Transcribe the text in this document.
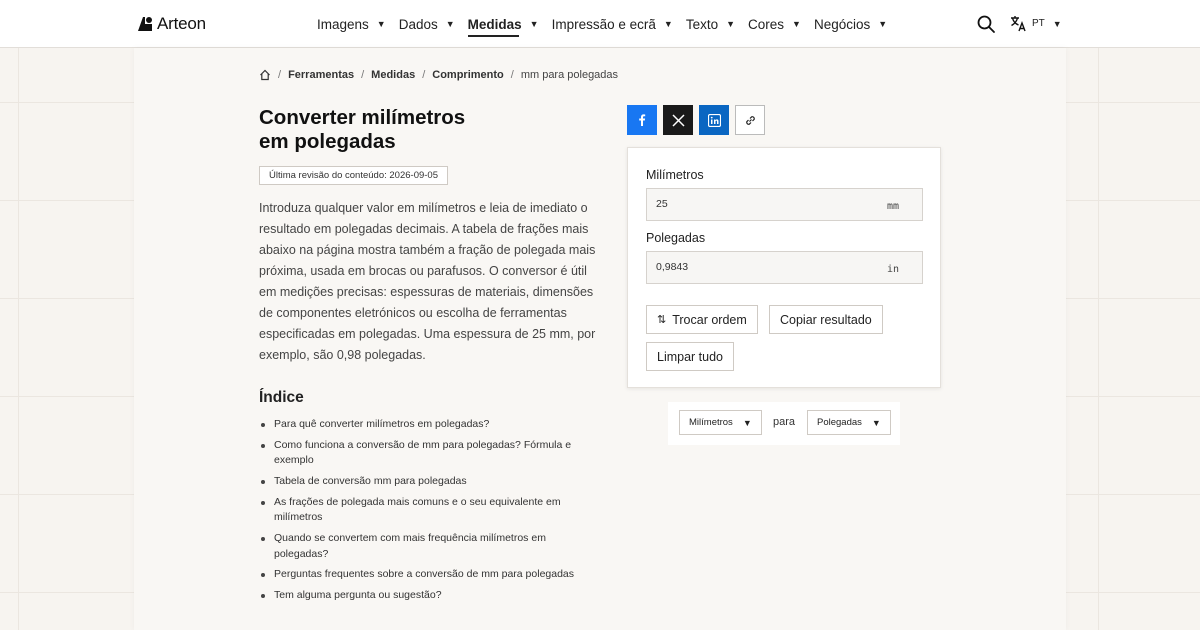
Arteon	Imagens ▼ Dados ▼ Medidas ▼ Impressão e ecrã ▼ Texto ▼ Cores ▼ Negócios ▼	PT ▼
/ Ferramentas / Medidas / Comprimento / mm para polegadas
Converter milímetros
em polegadas
Última revisão do conteúdo: 2026-09-05

Introduza qualquer valor em milímetros e leia de imediato o resultado em polegadas decimais. A tabela de frações mais abaixo na página mostra também a fração de polegada mais próxima, usada em brocas ou parafusos. O conversor é útil em medições precisas: espessuras de materiais, dimensões de componentes eletrónicos ou escolha de ferramentas especificadas em polegadas. Uma espessura de 25 mm, por exemplo, são 0,98 polegadas.

Índice
Para quê converter milímetros em polegadas?
Como funciona a conversão de mm para polegadas? Fórmula e exemplo
Tabela de conversão mm para polegadas
As frações de polegada mais comuns e o seu equivalente em milímetros
Quando se convertem com mais frequência milímetros em polegadas?
Perguntas frequentes sobre a conversão de mm para polegadas
Tem alguma pergunta ou sugestão?
Milímetros
25
mm
Polegadas
0,9843
in
⇅ Trocar ordem	Copiar resultado
Limpar tudo
Milímetros ▼ para Polegadas ▼
